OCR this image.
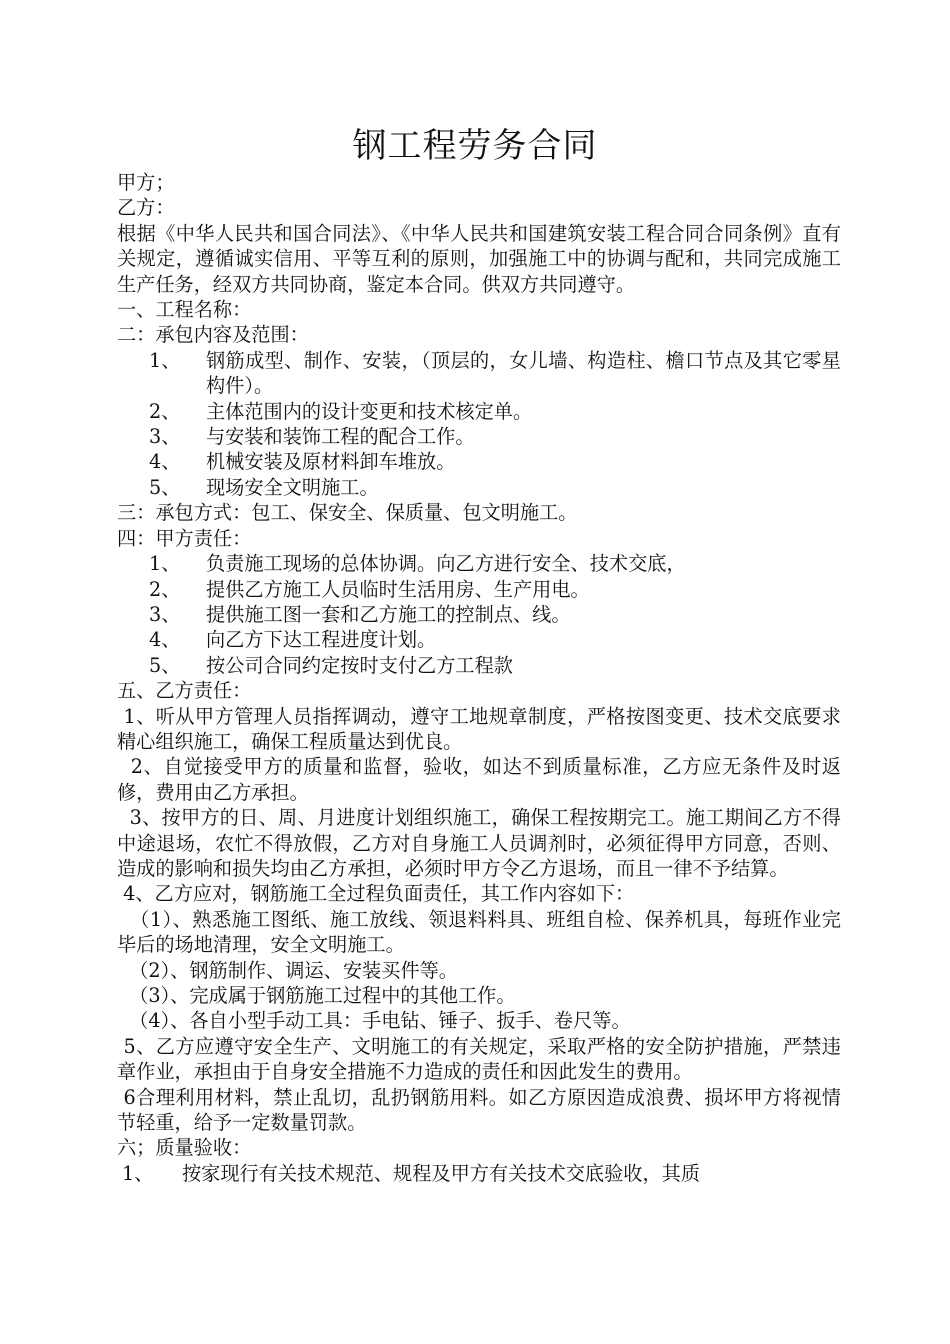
钢工程劳务合同

甲方；

乙方：

根据《中华人民共和国合同法》、《中华人民共和国建筑安装工程合同合同条例》直有关规定，遵循诚实信用、平等互利的原则，加强施工中的协调与配和，共同完成施工生产任务，经双方共同协商，鉴定本合同。供双方共同遵守。

一、工程名称：

二：承包内容及范围：

1、 钢筋成型、制作、安装，（顶层的，女儿墙、构造柱、檐口节点及其它零星构件）。
2、 主体范围内的设计变更和技术核定单。
3、 与安装和装饰工程的配合工作。
4、 机械安装及原材料卸车堆放。
5、 现场安全文明施工。

三：承包方式：包工、保安全、保质量、包文明施工。

四：甲方责任：

1、 负责施工现场的总体协调。向乙方进行安全、技术交底，
2、 提供乙方施工人员临时生活用房、生产用电。
3、 提供施工图一套和乙方施工的控制点、线。
4、 向乙方下达工程进度计划。
5、 按公司合同约定按时支付乙方工程款

五、乙方责任：

1、听从甲方管理人员指挥调动，遵守工地规章制度，严格按图变更、技术交底要求精心组织施工，确保工程质量达到优良。

2、自觉接受甲方的质量和监督，验收，如达不到质量标准，乙方应无条件及时返修，费用由乙方承担。

3、按甲方的日、周、月进度计划组织施工，确保工程按期完工。施工期间乙方不得中途退场，农忙不得放假，乙方对自身施工人员调剂时，必须征得甲方同意，否则、造成的影响和损失均由乙方承担，必须时甲方令乙方退场，而且一律不予结算。

4、乙方应对，钢筋施工全过程负面责任，其工作内容如下：

（1）、熟悉施工图纸、施工放线、领退料料具、班组自检、保养机具，每班作业完毕后的场地清理，安全文明施工。

（2）、钢筋制作、调运、安装买件等。

（3）、完成属于钢筋施工过程中的其他工作。

（4）、各自小型手动工具：手电钻、锤子、扳手、卷尺等。

5、乙方应遵守安全生产、文明施工的有关规定，采取严格的安全防护措施，严禁违章作业，承担由于自身安全措施不力造成的责任和因此发生的费用。

6合理利用材料，禁止乱切，乱扔钢筋用料。如乙方原因造成浪费、损坏甲方将视情节轻重，给予一定数量罚款。

六；质量验收：

1、 按家现行有关技术规范、规程及甲方有关技术交底验收，其质
